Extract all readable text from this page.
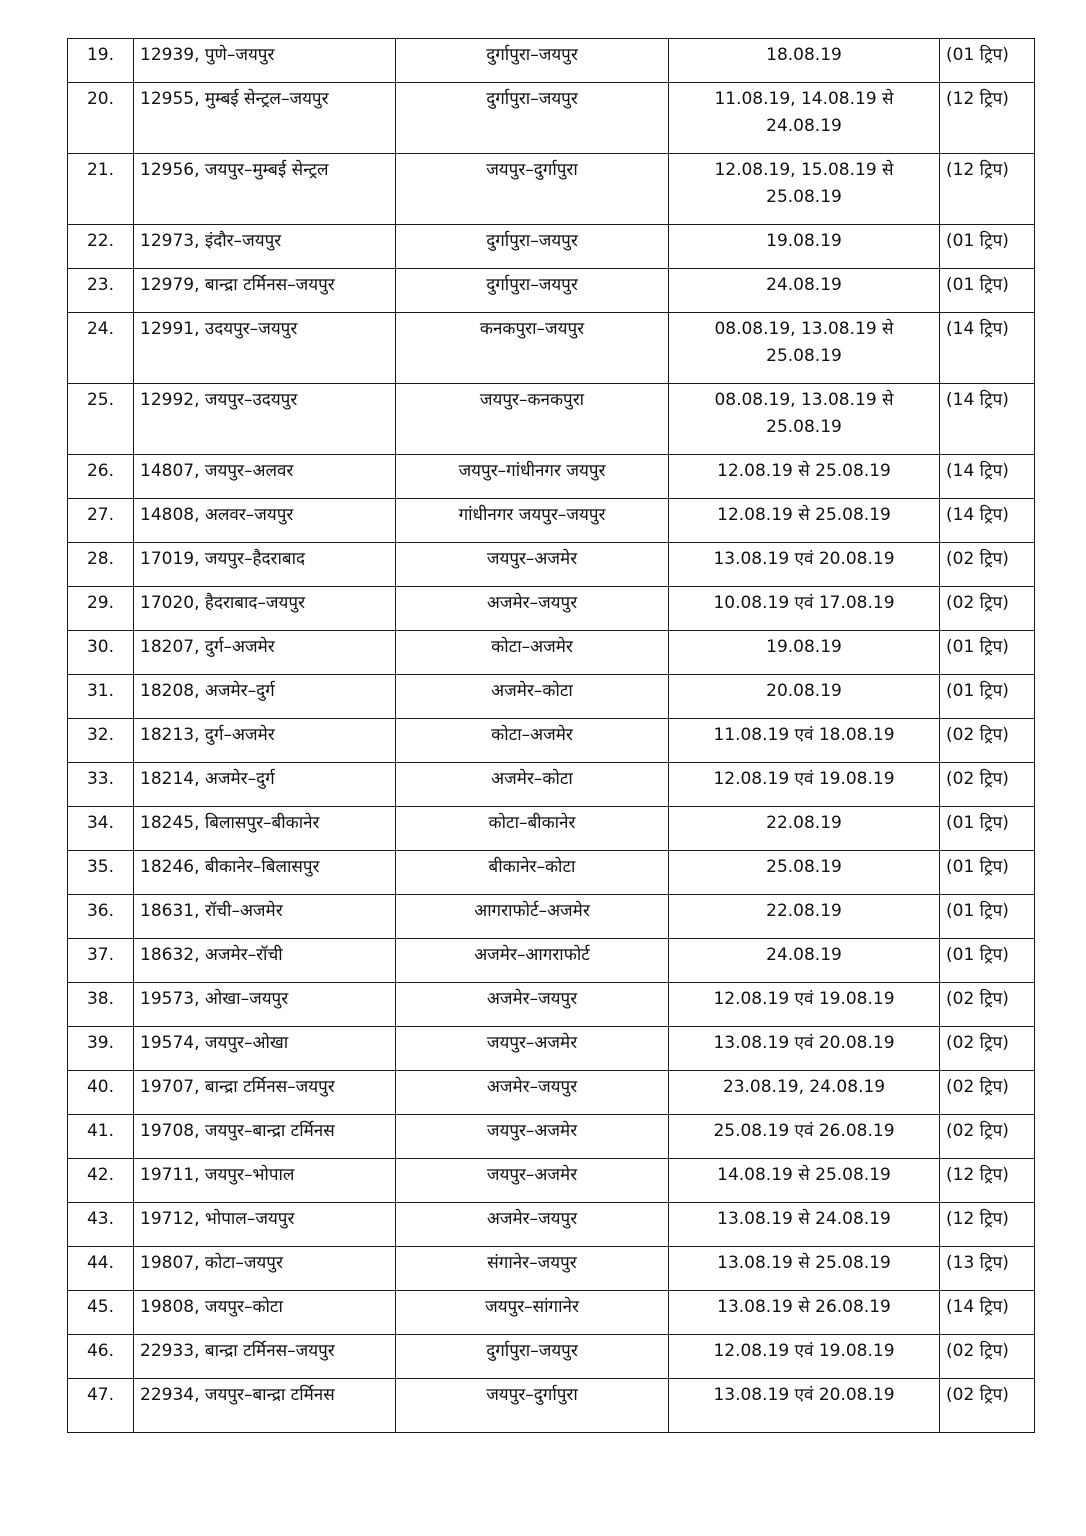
19.	12939, पुणे–जयपुर	दुर्गापुरा–जयपुर	18.08.19	(01 ट्रिप)
20.	12955, मुम्बई सेन्ट्रल–जयपुर	दुर्गापुरा–जयपुर	11.08.19, 14.08.19 से 24.08.19	(12 ट्रिप)
21.	12956, जयपुर–मुम्बई सेन्ट्रल	जयपुर–दुर्गापुरा	12.08.19, 15.08.19 से 25.08.19	(12 ट्रिप)
22.	12973, इंदौर–जयपुर	दुर्गापुरा–जयपुर	19.08.19	(01 ट्रिप)
23.	12979, बान्द्रा टर्मिनस–जयपुर	दुर्गापुरा–जयपुर	24.08.19	(01 ट्रिप)
24.	12991, उदयपुर–जयपुर	कनकपुरा–जयपुर	08.08.19, 13.08.19 से 25.08.19	(14 ट्रिप)
25.	12992, जयपुर–उदयपुर	जयपुर–कनकपुरा	08.08.19, 13.08.19 से 25.08.19	(14 ट्रिप)
26.	14807, जयपुर–अलवर	जयपुर–गांधीनगर जयपुर	12.08.19 से 25.08.19	(14 ट्रिप)
27.	14808, अलवर–जयपुर	गांधीनगर जयपुर–जयपुर	12.08.19 से 25.08.19	(14 ट्रिप)
28.	17019, जयपुर–हैदराबाद	जयपुर–अजमेर	13.08.19 एवं 20.08.19	(02 ट्रिप)
29.	17020, हैदराबाद–जयपुर	अजमेर–जयपुर	10.08.19 एवं 17.08.19	(02 ट्रिप)
30.	18207, दुर्ग–अजमेर	कोटा–अजमेर	19.08.19	(01 ट्रिप)
31.	18208, अजमेर–दुर्ग	अजमेर–कोटा	20.08.19	(01 ट्रिप)
32.	18213, दुर्ग–अजमेर	कोटा–अजमेर	11.08.19 एवं 18.08.19	(02 ट्रिप)
33.	18214, अजमेर–दुर्ग	अजमेर–कोटा	12.08.19 एवं 19.08.19	(02 ट्रिप)
34.	18245, बिलासपुर–बीकानेर	कोटा–बीकानेर	22.08.19	(01 ट्रिप)
35.	18246, बीकानेर–बिलासपुर	बीकानेर–कोटा	25.08.19	(01 ट्रिप)
36.	18631, रॉची–अजमेर	आगराफोर्ट–अजमेर	22.08.19	(01 ट्रिप)
37.	18632, अजमेर–रॉची	अजमेर–आगराफोर्ट	24.08.19	(01 ट्रिप)
38.	19573, ओखा–जयपुर	अजमेर–जयपुर	12.08.19 एवं 19.08.19	(02 ट्रिप)
39.	19574, जयपुर–ओखा	जयपुर–अजमेर	13.08.19 एवं 20.08.19	(02 ट्रिप)
40.	19707, बान्द्रा टर्मिनस–जयपुर	अजमेर–जयपुर	23.08.19, 24.08.19	(02 ट्रिप)
41.	19708, जयपुर–बान्द्रा टर्मिनस	जयपुर–अजमेर	25.08.19 एवं 26.08.19	(02 ट्रिप)
42.	19711, जयपुर–भोपाल	जयपुर–अजमेर	14.08.19 से 25.08.19	(12 ट्रिप)
43.	19712, भोपाल–जयपुर	अजमेर–जयपुर	13.08.19 से 24.08.19	(12 ट्रिप)
44.	19807, कोटा–जयपुर	संगानेर–जयपुर	13.08.19 से 25.08.19	(13 ट्रिप)
45.	19808, जयपुर–कोटा	जयपुर–सांगानेर	13.08.19 से 26.08.19	(14 ट्रिप)
46.	22933, बान्द्रा टर्मिनस–जयपुर	दुर्गापुरा–जयपुर	12.08.19 एवं 19.08.19	(02 ट्रिप)
47.	22934, जयपुर–बान्द्रा टर्मिनस	जयपुर–दुर्गापुरा	13.08.19 एवं 20.08.19	(02 ट्रिप)
